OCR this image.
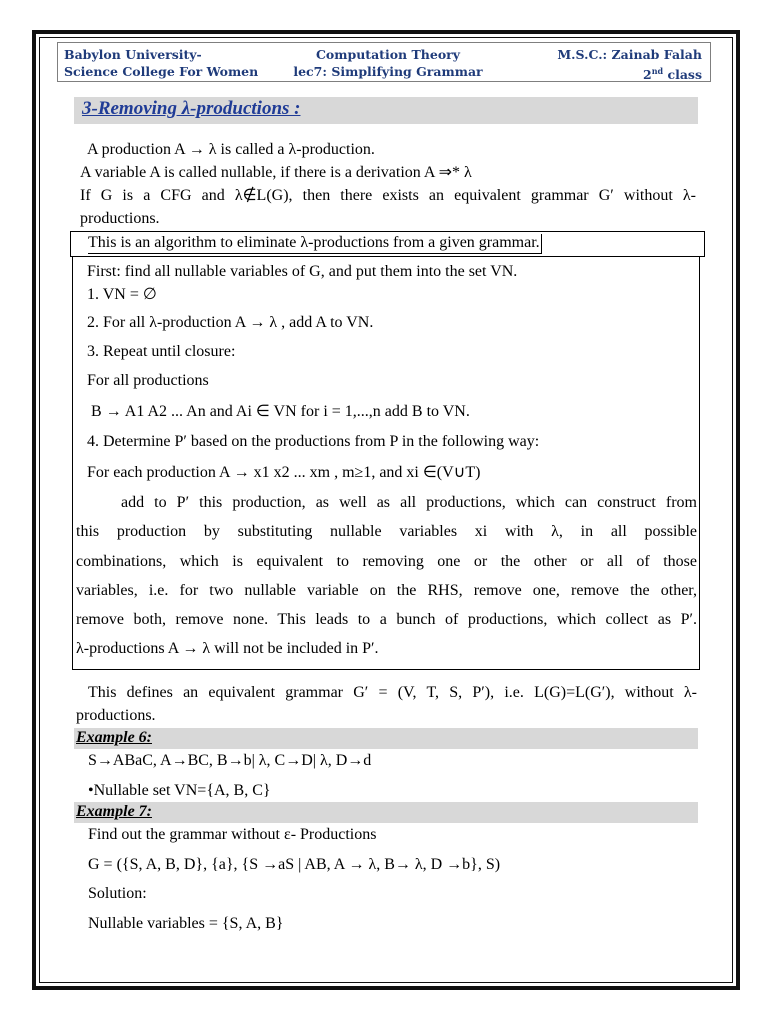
Babylon University-
Science College For Women
Computation Theory
lec7: Simplifying Grammar
M.S.C.: Zainab Falah
2nd class
3-Removing λ-productions :
A production A → λ is called a λ-production.
A variable A is called nullable, if there is a derivation A ⇒* λ
If G is a CFG and λ∉L(G), then there exists an equivalent grammar G′ without λ-
productions.
This is an algorithm to eliminate λ-productions from a given grammar.
First: find all nullable variables of G, and put them into the set VN.
1. VN = ∅
2. For all λ-production A → λ , add A to VN.
3. Repeat until closure:
For all productions
B → A1 A2 ... An and Ai ∈ VN for i = 1,...,n add B to VN.
4. Determine P′ based on the productions from P in the following way:
For each production A → x1 x2 ... xm , m≥1, and xi ∈(V∪T)
add to P′ this production, as well as all productions, which can construct from
this production by substituting nullable variables xi with λ, in all possible
combinations, which is equivalent to removing one or the other or all of those
variables, i.e. for two nullable variable on the RHS, remove one, remove the other,
remove both, remove none. This leads to a bunch of productions, which collect as P′.
λ-productions A → λ will not be included in P′.
This defines an equivalent grammar G′ = (V, T, S, P′), i.e. L(G)=L(G′), without λ-
productions.
Example 6:
S→ABaC, A→BC, B→b| λ, C→D| λ, D→d
•Nullable set VN={A, B, C}
Example 7:
Find out the grammar without ε- Productions
G = ({S, A, B, D}, {a}, {S →aS | AB, A → λ, B→ λ, D →b}, S)
Solution:
Nullable variables = {S, A, B}
